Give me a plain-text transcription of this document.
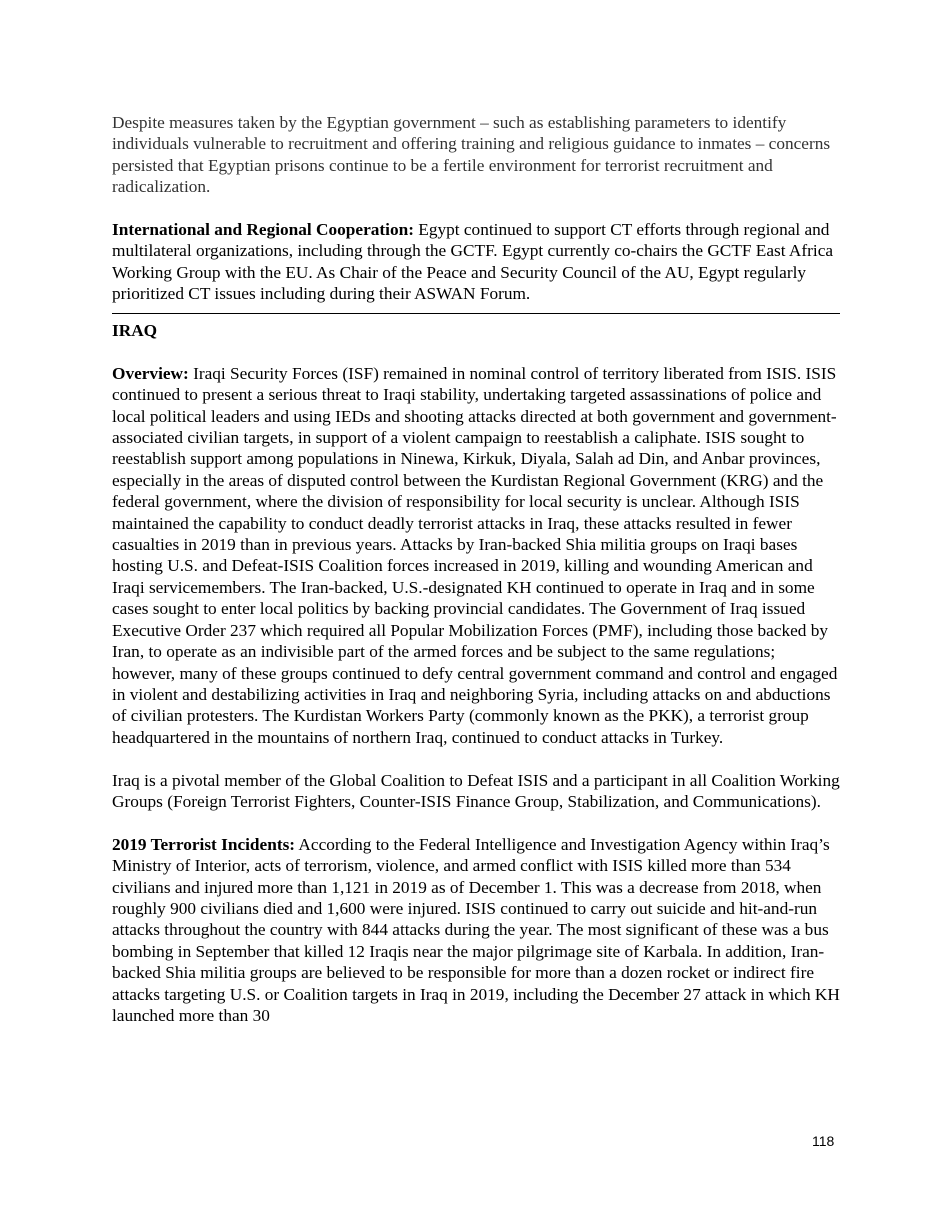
Despite measures taken by the Egyptian government – such as establishing parameters to identify individuals vulnerable to recruitment and offering training and religious guidance to inmates – concerns persisted that Egyptian prisons continue to be a fertile environment for terrorist recruitment and radicalization.

International and Regional Cooperation: Egypt continued to support CT efforts through regional and multilateral organizations, including through the GCTF. Egypt currently co-chairs the GCTF East Africa Working Group with the EU. As Chair of the Peace and Security Council of the AU, Egypt regularly prioritized CT issues including during their ASWAN Forum.

IRAQ

Overview: Iraqi Security Forces (ISF) remained in nominal control of territory liberated from ISIS. ISIS continued to present a serious threat to Iraqi stability, undertaking targeted assassinations of police and local political leaders and using IEDs and shooting attacks directed at both government and government-associated civilian targets, in support of a violent campaign to reestablish a caliphate. ISIS sought to reestablish support among populations in Ninewa, Kirkuk, Diyala, Salah ad Din, and Anbar provinces, especially in the areas of disputed control between the Kurdistan Regional Government (KRG) and the federal government, where the division of responsibility for local security is unclear. Although ISIS maintained the capability to conduct deadly terrorist attacks in Iraq, these attacks resulted in fewer casualties in 2019 than in previous years. Attacks by Iran-backed Shia militia groups on Iraqi bases hosting U.S. and Defeat-ISIS Coalition forces increased in 2019, killing and wounding American and Iraqi servicemembers. The Iran-backed, U.S.-designated KH continued to operate in Iraq and in some cases sought to enter local politics by backing provincial candidates. The Government of Iraq issued Executive Order 237 which required all Popular Mobilization Forces (PMF), including those backed by Iran, to operate as an indivisible part of the armed forces and be subject to the same regulations; however, many of these groups continued to defy central government command and control and engaged in violent and destabilizing activities in Iraq and neighboring Syria, including attacks on and abductions of civilian protesters. The Kurdistan Workers Party (commonly known as the PKK), a terrorist group headquartered in the mountains of northern Iraq, continued to conduct attacks in Turkey.

Iraq is a pivotal member of the Global Coalition to Defeat ISIS and a participant in all Coalition Working Groups (Foreign Terrorist Fighters, Counter-ISIS Finance Group, Stabilization, and Communications).

2019 Terrorist Incidents: According to the Federal Intelligence and Investigation Agency within Iraq’s Ministry of Interior, acts of terrorism, violence, and armed conflict with ISIS killed more than 534 civilians and injured more than 1,121 in 2019 as of December 1. This was a decrease from 2018, when roughly 900 civilians died and 1,600 were injured. ISIS continued to carry out suicide and hit-and-run attacks throughout the country with 844 attacks during the year. The most significant of these was a bus bombing in September that killed 12 Iraqis near the major pilgrimage site of Karbala. In addition, Iran-backed Shia militia groups are believed to be responsible for more than a dozen rocket or indirect fire attacks targeting U.S. or Coalition targets in Iraq in 2019, including the December 27 attack in which KH launched more than 30

118
